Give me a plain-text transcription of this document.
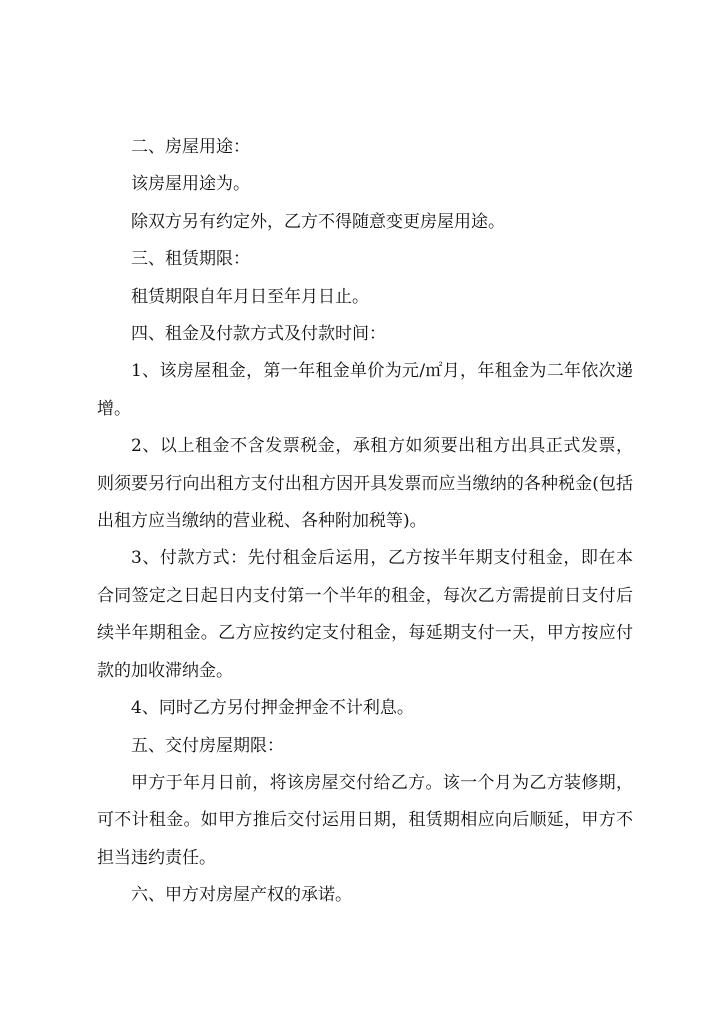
二、房屋用途：

该房屋用途为。

除双方另有约定外，乙方不得随意变更房屋用途。

三、租赁期限：

租赁期限自年月日至年月日止。

四、租金及付款方式及付款时间：

1、该房屋租金，第一年租金单价为元/㎡月，年租金为二年依次递增。

2、以上租金不含发票税金，承租方如须要出租方出具正式发票，则须要另行向出租方支付出租方因开具发票而应当缴纳的各种税金(包括出租方应当缴纳的营业税、各种附加税等)。

3、付款方式：先付租金后运用，乙方按半年期支付租金，即在本合同签定之日起日内支付第一个半年的租金，每次乙方需提前日支付后续半年期租金。乙方应按约定支付租金，每延期支付一天，甲方按应付款的加收滞纳金。

4、同时乙方另付押金押金不计利息。

五、交付房屋期限：

甲方于年月日前，将该房屋交付给乙方。该一个月为乙方装修期，可不计租金。如甲方推后交付运用日期，租赁期相应向后顺延，甲方不担当违约责任。

六、甲方对房屋产权的承诺。
